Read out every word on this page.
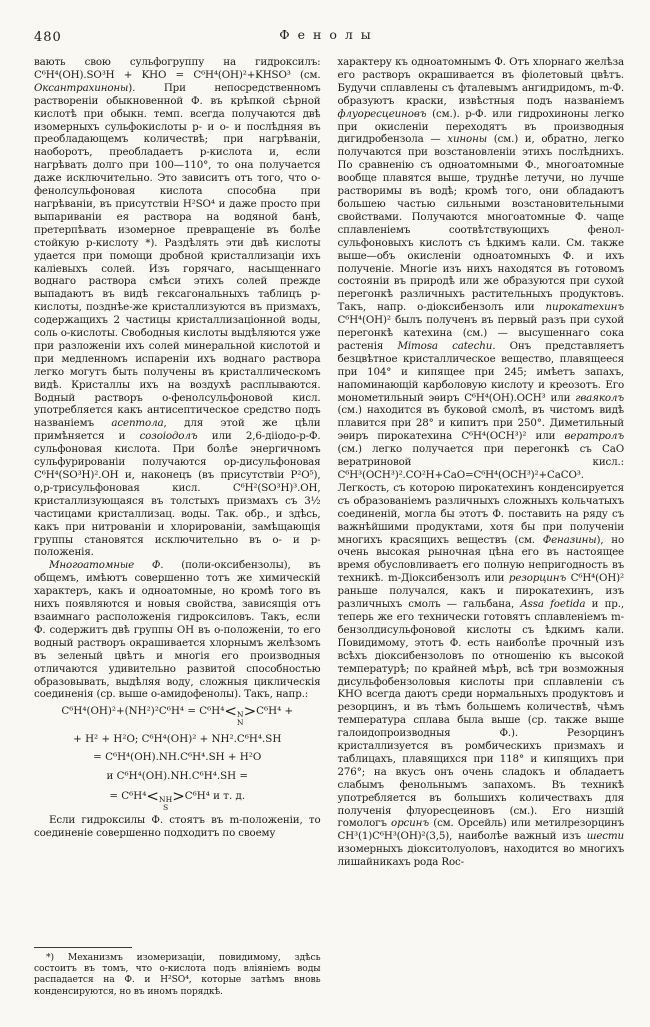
480	Фенолы

вають свою сульфогруппу на гидроксилъ: C⁶H⁴(OH).SO³H + KHO = C⁶H⁴(OH)²+KHSO³ (см. Оксантрахиноны). При непосредственномъ раствореніи обыкновенной Ф. въ крѣпкой сѣрной кислотѣ при обыкн. темп. всегда получаются двѣ изомерныхъ сульфокислоты p- и o- и послѣдняя въ преобладающемъ количествѣ; при нагрѣваніи, наоборотъ, преобладаетъ p-кислота и, если нагрѣвать долго при 100—110°, то она получается даже исключительно. Это зависитъ отъ того, что o-фенолсульфоновая кислота способна при нагрѣваніи, въ присутствіи H²SO⁴ и даже просто при выпариваніи ея раствора на водяной банѣ, претерпѣвать изомерное превращеніе въ болѣе стойкую p-кислоту *). Раздѣлять эти двѣ кислоты удается при помощи дробной кристаллизаціи ихъ каліевыхъ солей. Изъ горячаго, насыщеннаго воднаго раствора смѣси этихъ солей прежде выпадаютъ въ видѣ гексагональныхъ таблицъ p-кислоты, позднѣе-же кристаллизуются въ призмахъ, содержащихъ 2 частицы кристаллизаціонной воды, соль o-кислоты. Свободныя кислоты выдѣляются уже при разложеніи ихъ солей минеральной кислотой и при медленномъ испареніи ихъ воднаго раствора легко могутъ быть получены въ кристаллическомъ видѣ. Кристаллы ихъ на воздухѣ расплываются. Водный растворъ o-фенолсульфоновой кисл. употребляется какъ антисептическое средство подъ названіемъ асептола, для этой же цѣли примѣняется и созоіодолъ или 2,6-дііодо-p-Ф. сульфоновая кислота. При болѣе энергичномъ сульфурированіи получаются op-дисульфоновая C⁶H⁴(SO³H)².OH и, наконецъ (въ присутствіи P²O⁵), o,p-трисульфоновая кисл. C⁶H²(SO³H)³.OH, кристаллизующаяся въ толстыхъ призмахъ съ 3½ частицами кристаллизац. воды. Так. обр., и здѣсь, какъ при нитрованіи и хлорированіи, замѣщающія группы становятся исключительно въ o- и p-положенія.

Многоатомные Ф. (поли-оксибензолы), въ общемъ, имѣютъ совершенно тотъ же химическій характеръ, какъ и одноатомные, но кромѣ того въ нихъ появляются и новыя свойства, зависящія отъ взаимнаго расположенія гидроксиловъ. Такъ, если Ф. содержитъ двѣ группы OH въ o-положеніи, то его водный растворъ окрашивается хлорнымъ желѣзомъ въ зеленый цвѣтъ и многія его производныя отличаются удивительно развитой способностью образовывать, выдѣляя воду, сложныя циклическія соединенія (ср. выше o-амидофенолы). Такъ, напр.:

C⁶H⁴(OH)²+(NH²)²C⁶H⁴ = C⁶H⁴< N
N
>C⁶H⁴ +

+ H² + H²O; C⁶H⁴(OH)² + NH².C⁶H⁴.SH

= C⁶H⁴(OH).NH.C⁶H⁴.SH + H²O

и C⁶H⁴(OH).NH.C⁶H⁴.SH =

= C⁶H⁴< NH
S
>C⁶H⁴ и т. д.

Если гидроксилы Ф. стоятъ въ m-положеніи, то соединеніе совершенно подходитъ по своему

*) Механизмъ изомеризаціи, повидимому, здѣсь состоитъ въ томъ, что o-кислота подъ вліяніемъ воды распадается на Ф. и H²SO⁴, которые затѣмъ вновь конденсируются, но въ иномъ порядкѣ.

характеру къ одноатомнымъ Ф. Отъ хлорнаго желѣза его растворъ окрашивается въ фіолетовый цвѣтъ. Будучи сплавлены съ фталевымъ ангидридомъ, m-Ф. образуютъ краски, извѣстныя подъ названіемъ флуоресцеиновъ (см.). p-Ф. или гидрохиноны легко при окисленіи переходятъ въ производныя дигидробензола — хиноны (см.) и, обратно, легко получаются при возстановленіи этихъ послѣднихъ. По сравненію съ одноатомными Ф., многоатомные вообще плавятся выше, труднѣе летучи, но лучше растворимы въ водѣ; кромѣ того, они обладаютъ большею частью сильными возстановительными свойствами. Получаются многоатомные Ф. чаще сплавленіемъ соотвѣтствующихъ фенол-сульфоновыхъ кислотъ съ ѣдкимъ кали. См. также выше—объ окисленіи одноатомныхъ Ф. и ихъ полученіе. Многіе изъ нихъ находятся въ готовомъ состояніи въ природѣ или же образуются при сухой перегонкѣ различныхъ растительныхъ продуктовъ. Такъ, напр. o-діоксибензолъ или пирокатехинъ C⁶H⁴(OH)² былъ полученъ въ первый разъ при сухой перегонкѣ катехина (см.) — высушеннаго сока растенія Mimosa catechu. Онъ представляетъ безцвѣтное кристаллическое вещество, плавящееся при 104° и кипящее при 245; имѣетъ запахъ, напоминающій карболовую кислоту и креозотъ. Его монометильный эѳиръ C⁶H⁴(OH).OCH³ или гваяколъ (см.) находится въ буковой смолѣ, въ чистомъ видѣ плавится при 28° и кипитъ при 250°. Диметильный эѳиръ пирокатехина C⁶H⁴(OCH³)² или вератролъ (см.) легко получается при перегонкѣ съ CaO вератриновой кисл.: C⁶H³(OCH³)².CO²H+CaO=C⁶H⁴(OCH³)²+CaCO³. Легкость, съ которою пирокатехинъ конденсируется съ образованіемъ различныхъ сложныхъ кольчатыхъ соединеній, могла бы этотъ Ф. поставить на ряду съ важнѣйшими продуктами, хотя бы при полученіи многихъ красящихъ веществъ (см. Феназины), но очень высокая рыночная цѣна его въ настоящее время обусловливаетъ его полную непригодность въ техникѣ. m-Діоксибензолъ или резорцинъ C⁶H⁴(OH)² раньше получался, какъ и пирокатехинъ, изъ различныхъ смолъ — гальбана, Assa foetida и пр., теперь же его технически готовятъ сплавленіемъ m-бензолдисульфоновой кислоты съ ѣдкимъ кали. Повидимому, этотъ Ф. есть наиболѣе прочный изъ всѣхъ діоксибензоловъ по отношенію къ высокой температурѣ; по крайней мѣрѣ, всѣ три возможныя дисульфобензоловыя кислоты при сплавленіи съ KHO всегда даютъ среди нормальныхъ продуктовъ и резорцинъ, и въ тѣмъ большемъ количествѣ, чѣмъ температура сплава была выше (ср. также выше галоидопроизводныя Ф.). Резорцинъ кристаллизуется въ ромбическихъ призмахъ и таблицахъ, плавящихся при 118° и кипящихъ при 276°; на вкусъ онъ очень сладокъ и обладаетъ слабымъ фенольнымъ запахомъ. Въ техникѣ употребляется въ большихъ количествахъ для полученія флуоресцеиновъ (см.). Его низшій гомологъ орсинъ (см. Орсейль) или метилрезорцинъ CH³(1)C⁶H³(OH)²(3,5), наиболѣе важный изъ шести изомерныхъ діокситолуоловъ, находится во многихъ лишайникахъ рода Roc-
